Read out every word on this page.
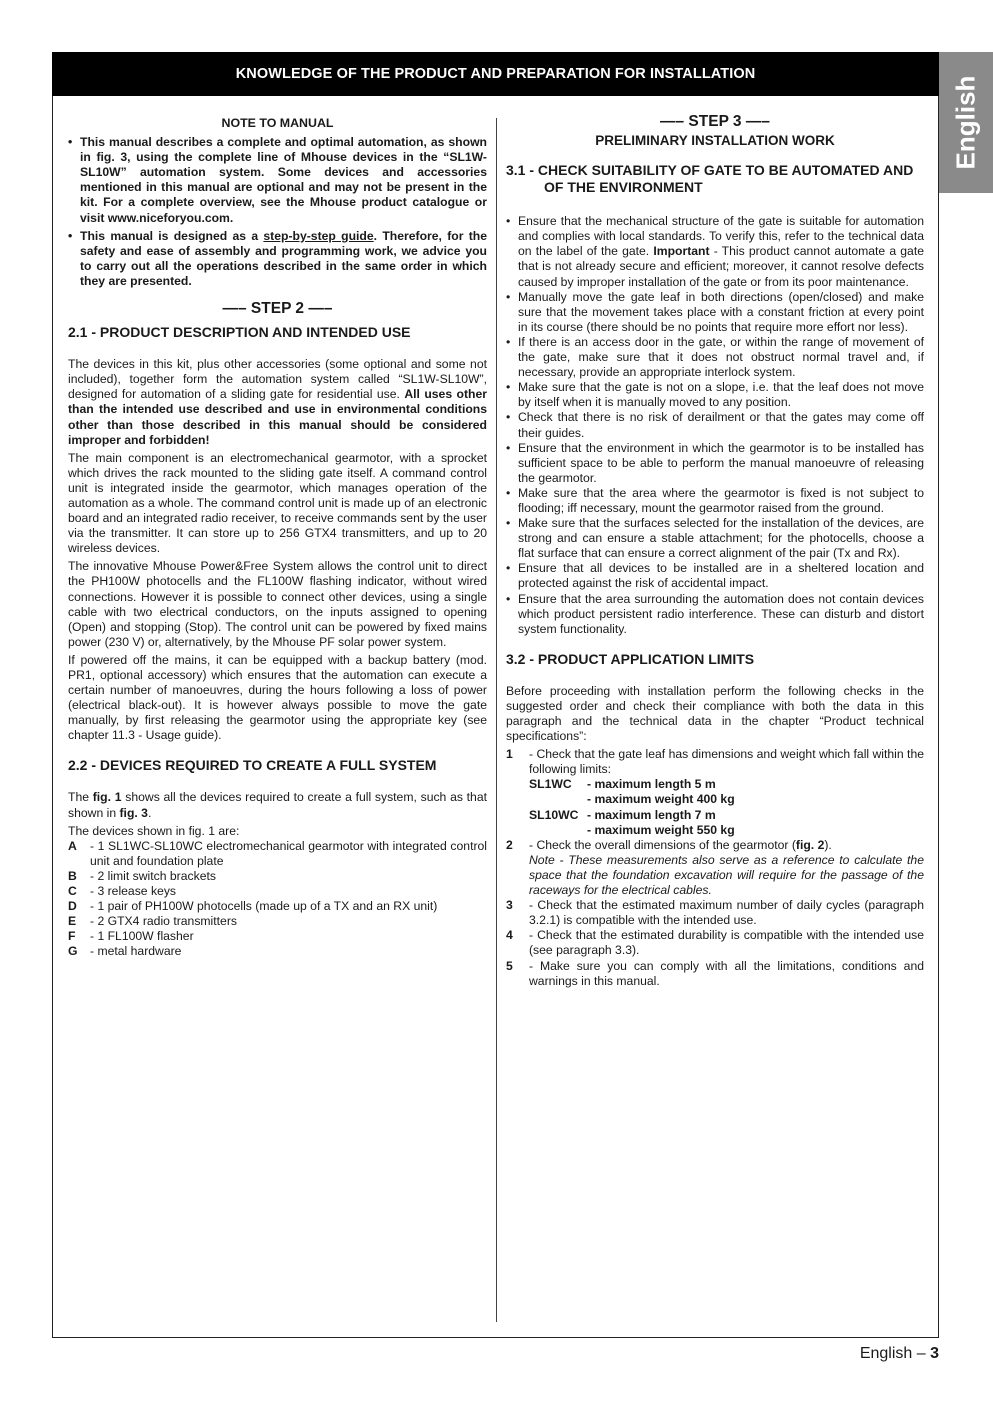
KNOWLEDGE OF THE PRODUCT AND PREPARATION FOR INSTALLATION
English
NOTE TO MANUAL
• This manual describes a complete and optimal automation, as shown in fig. 3, using the complete line of Mhouse devices in the “SL1W-SL10W” automation system. Some devices and accessories mentioned in this manual are optional and may not be present in the kit. For a complete overview, see the Mhouse product catalogue or visit www.niceforyou.com.
• This manual is designed as a step-by-step guide. Therefore, for the safety and ease of assembly and programming work, we advice you to carry out all the operations described in the same order in which they are presented.
—– STEP 2 —–
2.1 - PRODUCT DESCRIPTION AND INTENDED USE

The devices in this kit, plus other accessories (some optional and some not included), together form the automation system called “SL1W-SL10W”, designed for automation of a sliding gate for residential use. All uses other than the intended use described and use in environmental conditions other than those described in this manual should be considered improper and forbidden!

The main component is an electromechanical gearmotor, with a sprocket which drives the rack mounted to the sliding gate itself. A command control unit is integrated inside the gearmotor, which manages operation of the automation as a whole. The command control unit is made up of an electronic board and an integrated radio receiver, to receive commands sent by the user via the transmitter. It can store up to 256 GTX4 transmitters, and up to 20 wireless devices.

The innovative Mhouse Power&Free System allows the control unit to direct the PH100W photocells and the FL100W flashing indicator, without wired connections. However it is possible to connect other devices, using a single cable with two electrical conductors, on the inputs assigned to opening (Open) and stopping (Stop). The control unit can be powered by fixed mains power (230 V) or, alternatively, by the Mhouse PF solar power system.

If powered off the mains, it can be equipped with a backup battery (mod. PR1, optional accessory) which ensures that the automation can execute a certain number of manoeuvres, during the hours following a loss of power (electrical black-out). It is however always possible to move the gate manually, by first releasing the gearmotor using the appropriate key (see chapter 11.3 - Usage guide).

2.2 - DEVICES REQUIRED TO CREATE A FULL SYSTEM

The fig. 1 shows all the devices required to create a full system, such as that shown in fig. 3.

The devices shown in fig. 1 are:

A - 1 SL1WC-SL10WC electromechanical gearmotor with integrated control unit and foundation plate
B - 2 limit switch brackets
C - 3 release keys
D - 1 pair of PH100W photocells (made up of a TX and an RX unit)
E - 2 GTX4 radio transmitters
F - 1 FL100W flasher
G - metal hardware
—– STEP 3 —–
PRELIMINARY INSTALLATION WORK
3.1 - CHECK SUITABILITY OF GATE TO BE AUTOMATED AND OF THE ENVIRONMENT
• Ensure that the mechanical structure of the gate is suitable for automation and complies with local standards. To verify this, refer to the technical data on the label of the gate. Important - This product cannot automate a gate that is not already secure and efficient; moreover, it cannot resolve defects caused by improper installation of the gate or from its poor maintenance.
• Manually move the gate leaf in both directions (open/closed) and make sure that the movement takes place with a constant friction at every point in its course (there should be no points that require more effort nor less).
• If there is an access door in the gate, or within the range of movement of the gate, make sure that it does not obstruct normal travel and, if necessary, provide an appropriate interlock system.
• Make sure that the gate is not on a slope, i.e. that the leaf does not move by itself when it is manually moved to any position.
• Check that there is no risk of derailment or that the gates may come off their guides.
• Ensure that the environment in which the gearmotor is to be installed has sufficient space to be able to perform the manual manoeuvre of releasing the gearmotor.
• Make sure that the area where the gearmotor is fixed is not subject to flooding; iff necessary, mount the gearmotor raised from the ground.
• Make sure that the surfaces selected for the installation of the devices, are strong and can ensure a stable attachment; for the photocells, choose a flat surface that can ensure a correct alignment of the pair (Tx and Rx).
• Ensure that all devices to be installed are in a sheltered location and protected against the risk of accidental impact.
• Ensure that the area surrounding the automation does not contain devices which product persistent radio interference. These can disturb and distort system functionality.
3.2 - PRODUCT APPLICATION LIMITS

Before proceeding with installation perform the following checks in the suggested order and check their compliance with both the data in this paragraph and the technical data in the chapter “Product technical specifications”:

1 - Check that the gate leaf has dimensions and weight which fall within the following limits:
SL1WC	- maximum length 5 m
- maximum weight 400 kg
SL10WC - maximum length 7 m
- maximum weight 550 kg
2 - Check the overall dimensions of the gearmotor (fig. 2).
Note - These measurements also serve as a reference to calculate the space that the foundation excavation will require for the passage of the raceways for the electrical cables.
3 - Check that the estimated maximum number of daily cycles (paragraph 3.2.1) is compatible with the intended use.
4 - Check that the estimated durability is compatible with the intended use (see paragraph 3.3).
5 - Make sure you can comply with all the limitations, conditions and warnings in this manual.
English – 3
